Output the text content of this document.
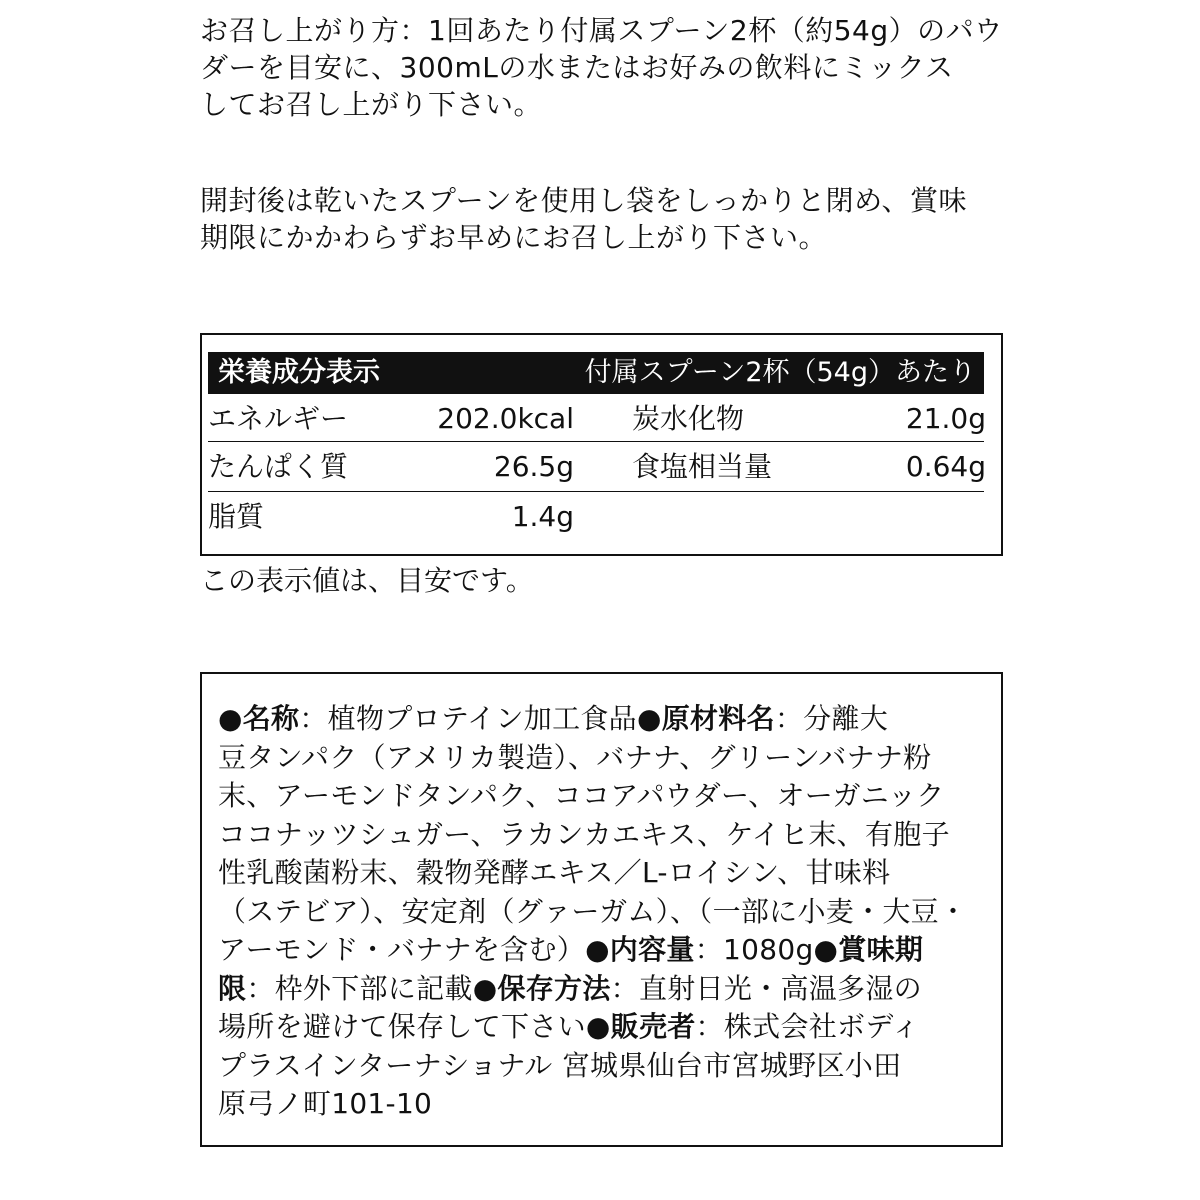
お召し上がり方：1回あたり付属スプーン2杯（約54g）のパウ
ダーを目安に、300mLの水またはお好みの飲料にミックス
してお召し上がり下さい。
開封後は乾いたスプーンを使用し袋をしっかりと閉め、賞味
期限にかかわらずお早めにお召し上がり下さい。
栄養成分表示	付属スプーン2杯（54g）あたり
エネルギー	202.0kcal 炭水化物	21.0g
たんぱく質	26.5g 食塩相当量	0.64g
脂質	1.4g
この表示値は、目安です。
●名称：植物プロテイン加工食品●原材料名：分離大
豆タンパク（アメリカ製造）、バナナ、グリーンバナナ粉
末、アーモンドタンパク、ココアパウダー、オーガニック
ココナッツシュガー、ラカンカエキス、ケイヒ末、有胞子
性乳酸菌粉末、穀物発酵エキス／L-ロイシン、甘味料
（ステビア）、安定剤（グァーガム）、（一部に小麦・大豆・
アーモンド・バナナを含む）●内容量：1080g●賞味期
限：枠外下部に記載●保存方法：直射日光・高温多湿の
場所を避けて保存して下さい●販売者：株式会社ボディ
プラスインターナショナル 宮城県仙台市宮城野区小田
原弓ノ町101-10
